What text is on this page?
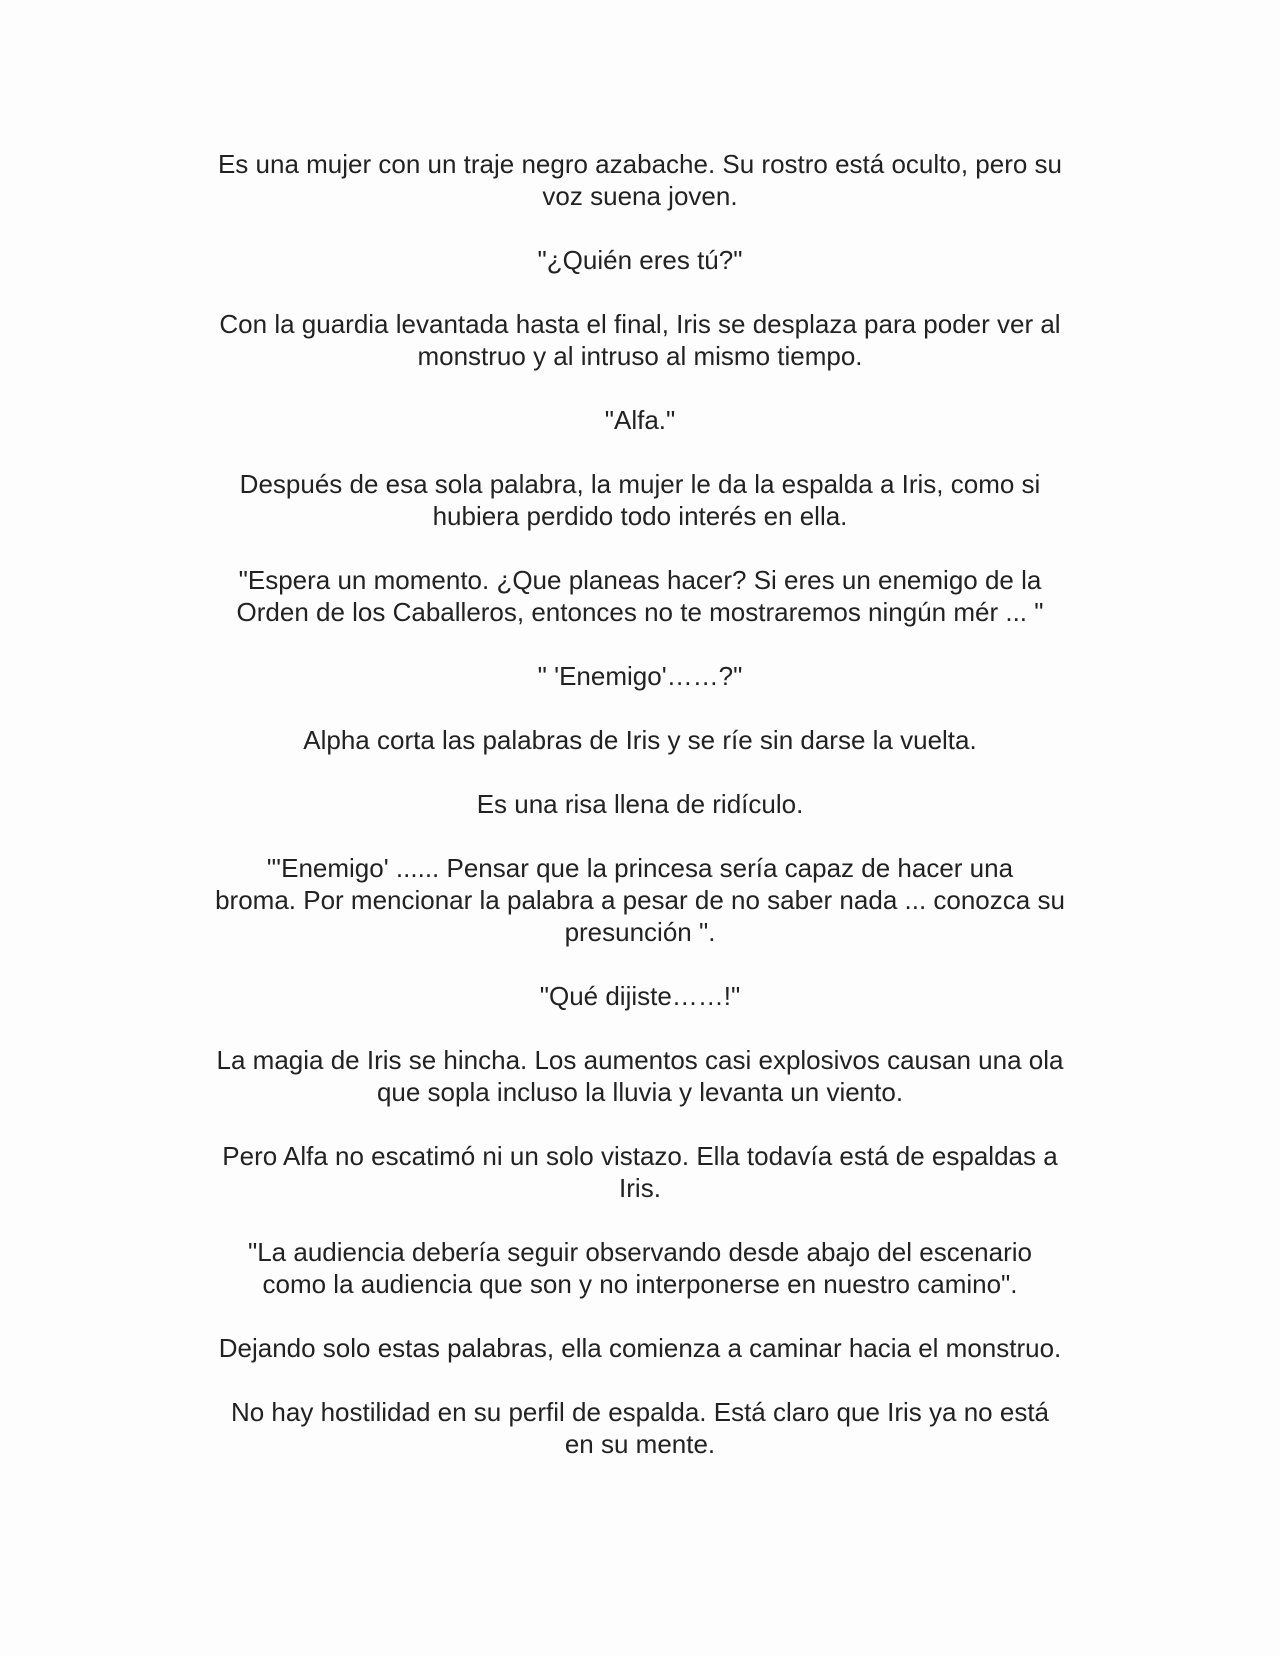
Es una mujer con un traje negro azabache. Su rostro está oculto, pero su
voz suena joven.

"¿Quién eres tú?"

Con la guardia levantada hasta el final, Iris se desplaza para poder ver al
monstruo y al intruso al mismo tiempo.

"Alfa."

Después de esa sola palabra, la mujer le da la espalda a Iris, como si
hubiera perdido todo interés en ella.

"Espera un momento. ¿Que planeas hacer? Si eres un enemigo de la
Orden de los Caballeros, entonces no te mostraremos ningún mér ... "

" 'Enemigo'……?"

Alpha corta las palabras de Iris y se ríe sin darse la vuelta.

Es una risa llena de ridículo.

"'Enemigo' ...... Pensar que la princesa sería capaz de hacer una
broma. Por mencionar la palabra a pesar de no saber nada ... conozca su
presunción ".

"Qué dijiste……!"

La magia de Iris se hincha. Los aumentos casi explosivos causan una ola
que sopla incluso la lluvia y levanta un viento.

Pero Alfa no escatimó ni un solo vistazo. Ella todavía está de espaldas a
Iris.

"La audiencia debería seguir observando desde abajo del escenario
como la audiencia que son y no interponerse en nuestro camino".

Dejando solo estas palabras, ella comienza a caminar hacia el monstruo.

No hay hostilidad en su perfil de espalda. Está claro que Iris ya no está
en su mente.
